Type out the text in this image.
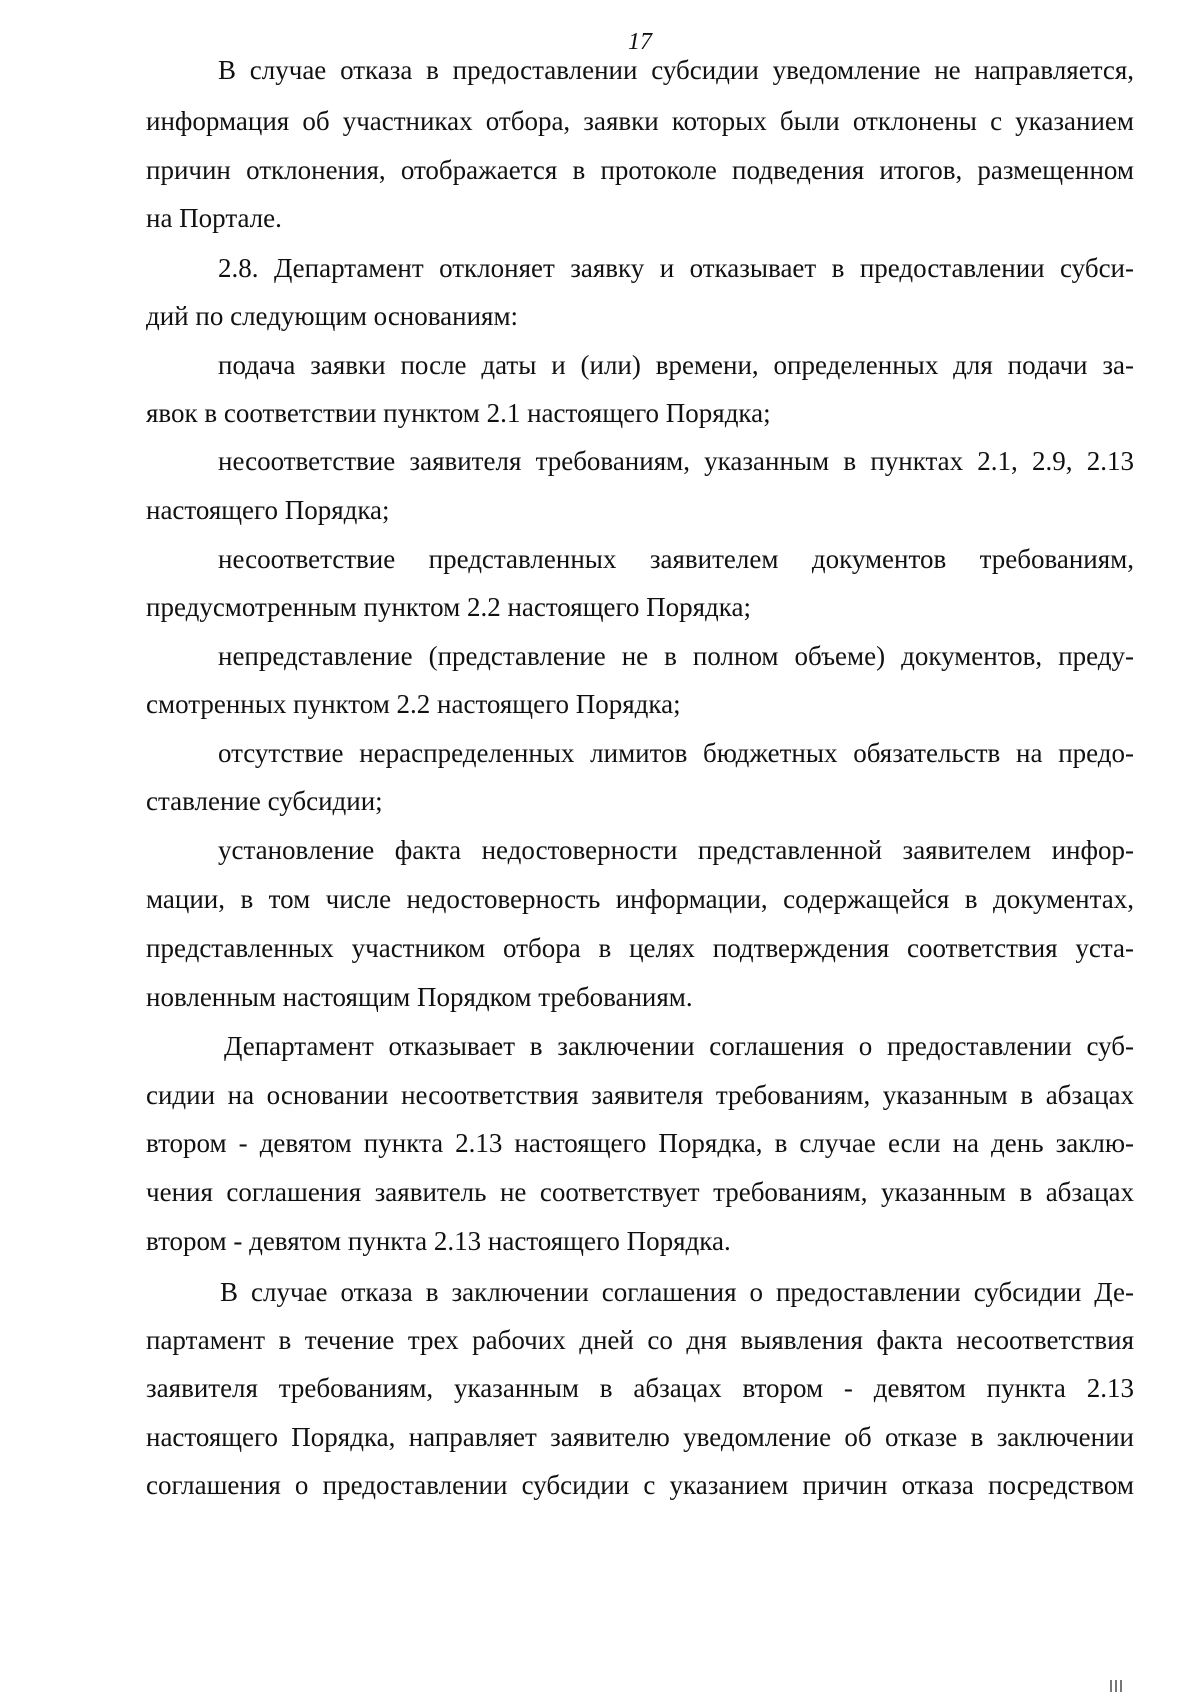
17
В случае отказа в предоставлении субсидии уведомление не направляется,
информация об участниках отбора, заявки которых были отклонены с указанием
причин отклонения, отображается в протоколе подведения итогов, размещенном
на Портале.
2.8. Департамент отклоняет заявку и отказывает в предоставлении субси-
дий по следующим основаниям:
подача заявки после даты и (или) времени, определенных для подачи за-
явок в соответствии пунктом 2.1 настоящего Порядка;
несоответствие заявителя требованиям, указанным в пунктах 2.1, 2.9, 2.13
настоящего Порядка;
несоответствие представленных заявителем документов требованиям,
предусмотренным пунктом 2.2 настоящего Порядка;
непредставление (представление не в полном объеме) документов, преду-
смотренных пунктом 2.2 настоящего Порядка;
отсутствие нераспределенных лимитов бюджетных обязательств на предо-
ставление субсидии;
установление факта недостоверности представленной заявителем инфор-
мации, в том числе недостоверность информации, содержащейся в документах,
представленных участником отбора в целях подтверждения соответствия уста-
новленным настоящим Порядком требованиям.
Департамент отказывает в заключении соглашения о предоставлении суб-
сидии на основании несоответствия заявителя требованиям, указанным в абзацах
втором - девятом пункта 2.13 настоящего Порядка, в случае если на день заклю-
чения соглашения заявитель не соответствует требованиям, указанным в абзацах
втором - девятом пункта 2.13 настоящего Порядка.
В случае отказа в заключении соглашения о предоставлении субсидии Де-
партамент в течение трех рабочих дней со дня выявления факта несоответствия
заявителя требованиям, указанным в абзацах втором - девятом пункта 2.13
настоящего Порядка, направляет заявителю уведомление об отказе в заключении
соглашения о предоставлении субсидии с указанием причин отказа посредством
